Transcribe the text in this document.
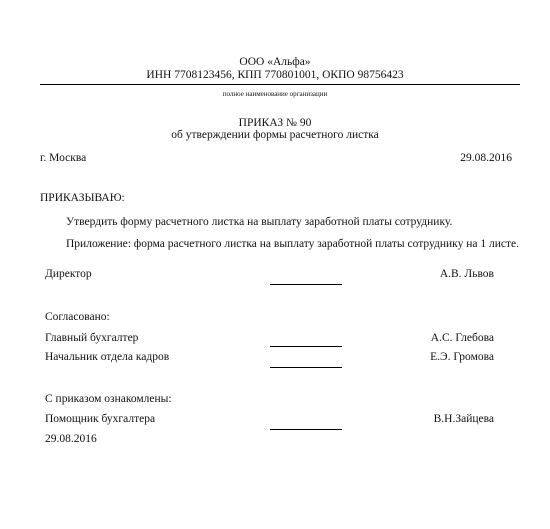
ООО «Альфа»
ИНН 7708123456, КПП 770801001, ОКПО 98756423
полное наименование организации
ПРИКАЗ № 90
об утверждении формы расчетного листка
г. Москва	29.08.2016
ПРИКАЗЫВАЮ:
Утвердить форму расчетного листка на выплату заработной платы сотруднику.
Приложение: форма расчетного листка на выплату заработной платы сотруднику на 1 листе.
Директор	А.В. Львов
Согласовано:
Главный бухгалтер	А.С. Глебова
Начальник отдела кадров	Е.Э. Громова
С приказом ознакомлены:
Помощник бухгалтера	В.Н.Зайцева
29.08.2016
